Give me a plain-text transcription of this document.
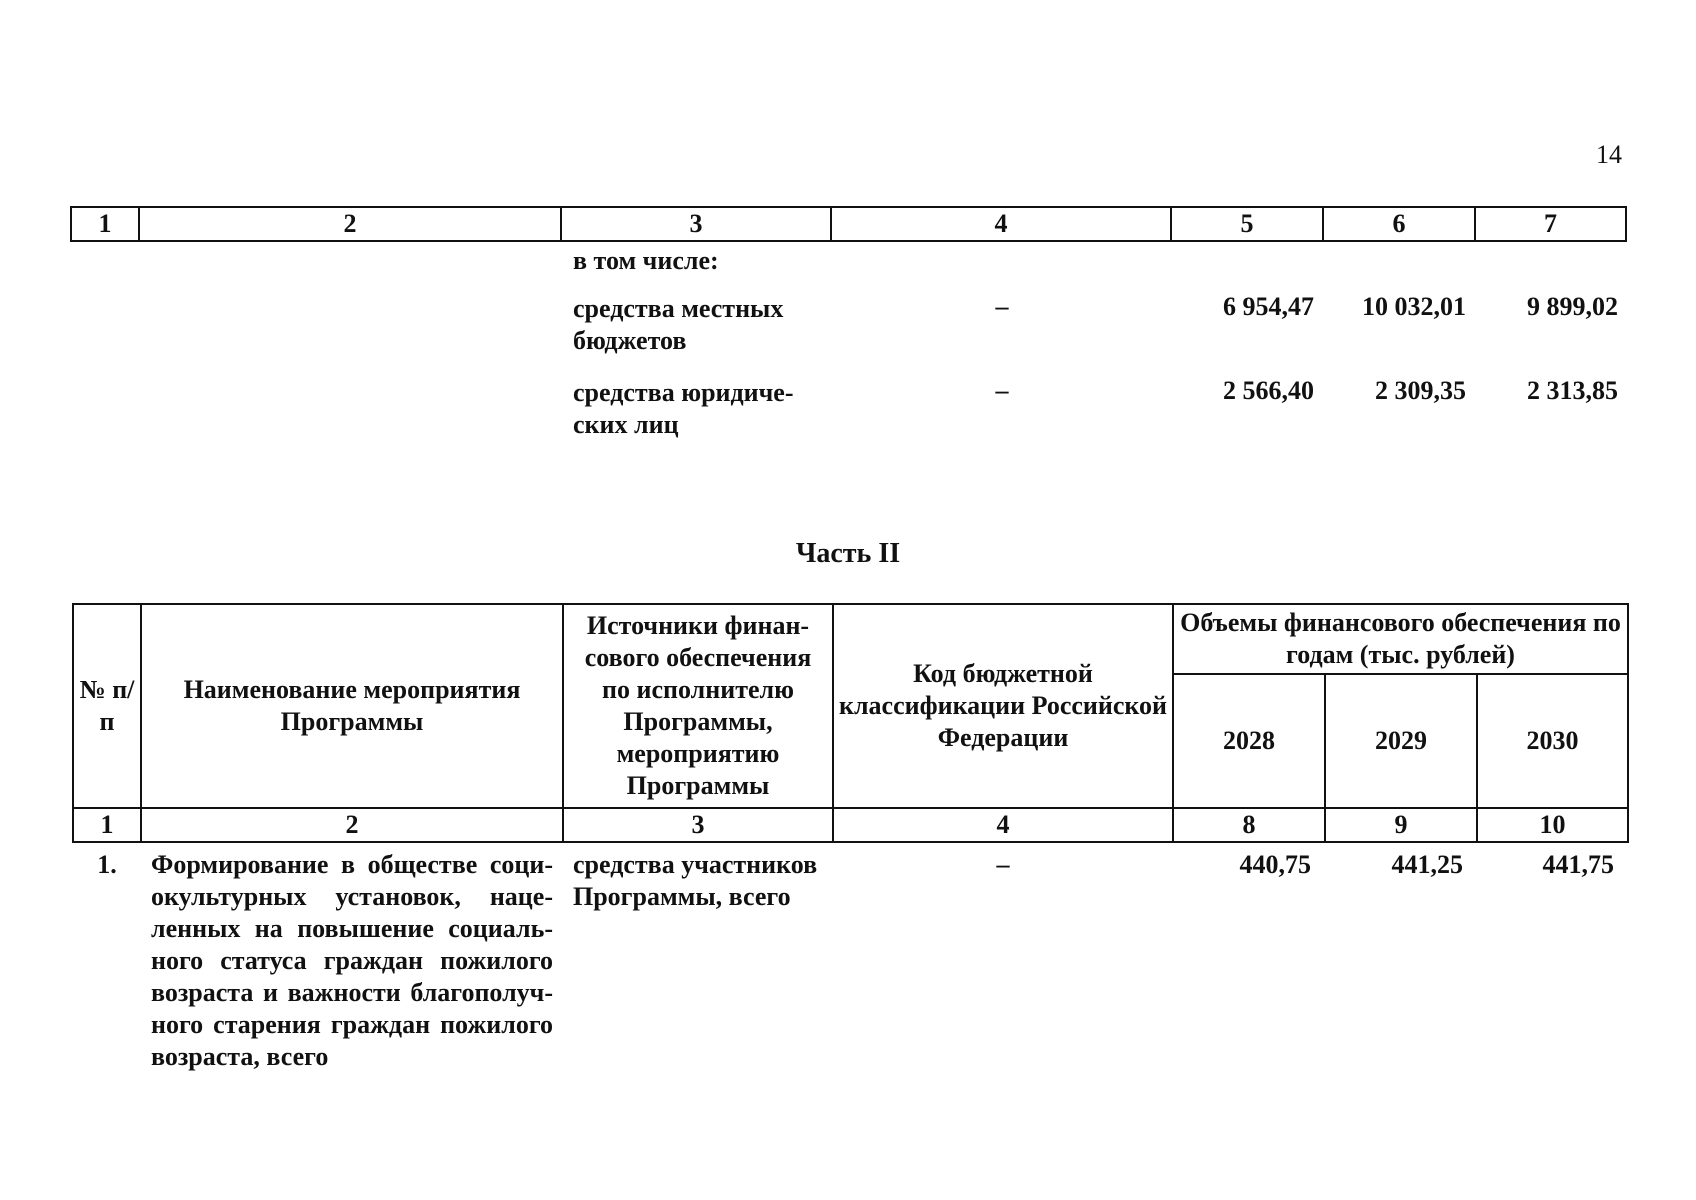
14
1	2	3	4	5	6	7
в том числе:
средства местных
бюджетов
–	6 954,47	10 032,01	9 899,02
средства юридиче-
ских лиц
–	2 566,40	2 309,35	2 313,85
Часть II
№ п/п	Наименование мероприятия Программы	Источники финан-сового обеспечения по исполнителю Программы, мероприятию Программы	Код бюджетной классификации Российской Федерации	Объемы финансового обеспечения по годам (тыс. рублей)		
				2028	2029	2030
1	2	3	4	8	9	10
1.	Формирование в обществе соци-окультурных установок, наце-ленных на повышение социаль-ного статуса граждан пожилого возраста и важности благополуч-ного старения граждан пожилого возраста, всего	средства участников Программы, всего	–	440,75	441,25	441,75
